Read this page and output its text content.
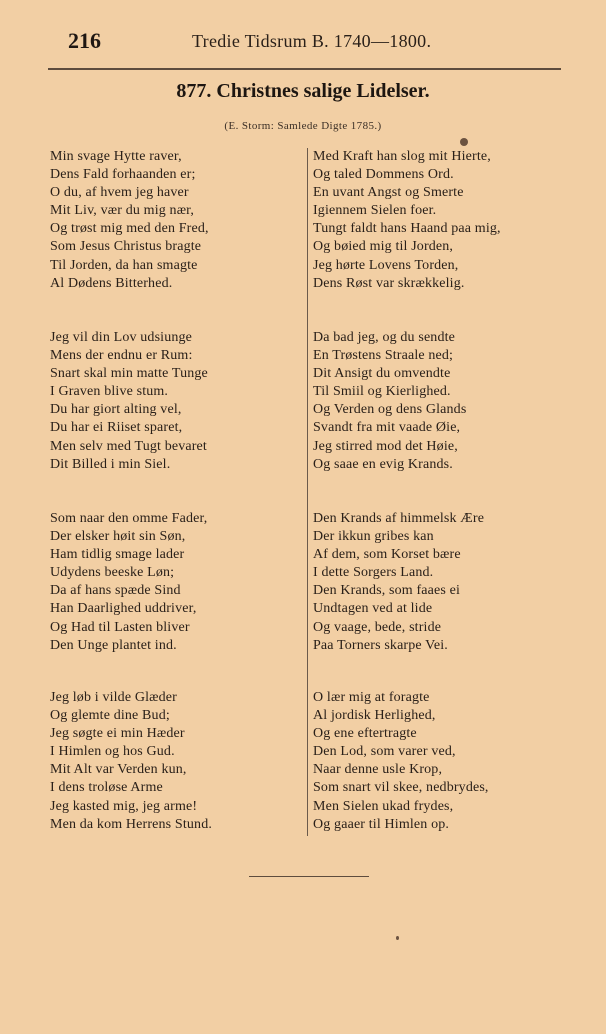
216	Tredie Tidsrum B. 1740—1800.
877. Christnes salige Lidelser.
(E. Storm: Samlede Digte 1785.)
Min svage Hytte raver,
Dens Fald forhaanden er;
O du, af hvem jeg haver
Mit Liv, vær du mig nær,
Og trøst mig med den Fred,
Som Jesus Christus bragte
Til Jorden, da han smagte
Al Dødens Bitterhed.
Jeg vil din Lov udsiunge
Mens der endnu er Rum:
Snart skal min matte Tunge
I Graven blive stum.
Du har giort alting vel,
Du har ei Riiset sparet,
Men selv med Tugt bevaret
Dit Billed i min Siel.
Som naar den omme Fader,
Der elsker høit sin Søn,
Ham tidlig smage lader
Udydens beeske Løn;
Da af hans spæde Sind
Han Daarlighed uddriver,
Og Had til Lasten bliver
Den Unge plantet ind.
Jeg løb i vilde Glæder
Og glemte dine Bud;
Jeg søgte ei min Hæder
I Himlen og hos Gud.
Mit Alt var Verden kun,
I dens troløse Arme
Jeg kasted mig, jeg arme!
Men da kom Herrens Stund.
Med Kraft han slog mit Hierte,
Og taled Dommens Ord.
En uvant Angst og Smerte
Igiennem Sielen foer.
Tungt faldt hans Haand paa mig,
Og bøied mig til Jorden,
Jeg hørte Lovens Torden,
Dens Røst var skrækkelig.
Da bad jeg, og du sendte
En Trøstens Straale ned;
Dit Ansigt du omvendte
Til Smiil og Kierlighed.
Og Verden og dens Glands
Svandt fra mit vaade Øie,
Jeg stirred mod det Høie,
Og saae en evig Krands.
Den Krands af himmelsk Ære
Der ikkun gribes kan
Af dem, som Korset bære
I dette Sorgers Land.
Den Krands, som faaes ei
Undtagen ved at lide
Og vaage, bede, stride
Paa Torners skarpe Vei.
O lær mig at foragte
Al jordisk Herlighed,
Og ene eftertragte
Den Lod, som varer ved,
Naar denne usle Krop,
Som snart vil skee, nedbrydes,
Men Sielen ukad frydes,
Og gaaer til Himlen op.
